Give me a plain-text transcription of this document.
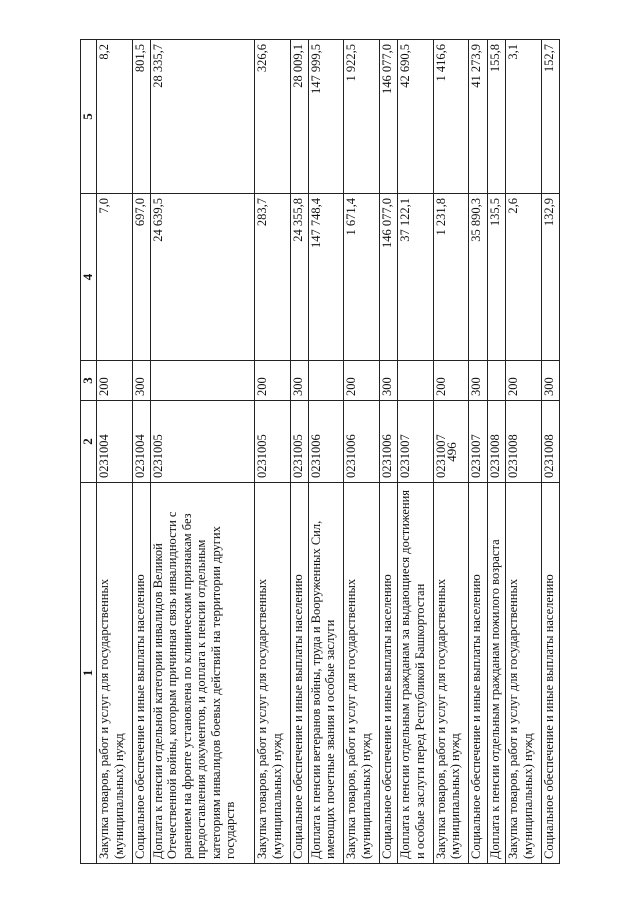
496
1	2	3	4	5
Закупка товаров, работ и услуг для государственных (муниципальных) нужд	0231004	200	7,0	8,2
Социальное обеспечение и иные выплаты населению	0231004	300	697,0	801,5
Доплата к пенсии отдельной категории инвалидов Великой Отечественной войны, которым причинная связь инвалидности с ранением на фронте установлена по клиническим признакам без предоставления документов, и доплата к пенсии отдельным категориям инвалидов боевых действий на территории других государств	0231005		24 639,5	28 335,7
Закупка товаров, работ и услуг для государственных (муниципальных) нужд	0231005	200	283,7	326,6
Социальное обеспечение и иные выплаты населению	0231005	300	24 355,8	28 009,1
Доплата к пенсии ветеранов войны, труда и Вооруженных Сил, имеющих почетные звания и особые заслуги	0231006		147 748,4	147 999,5
Закупка товаров, работ и услуг для государственных (муниципальных) нужд	0231006	200	1 671,4	1 922,5
Социальное обеспечение и иные выплаты населению	0231006	300	146 077,0	146 077,0
Доплата к пенсии отдельным гражданам за выдающиеся достижения и особые заслуги перед Республикой Башкортостан	0231007		37 122,1	42 690,5
Закупка товаров, работ и услуг для государственных (муниципальных) нужд	0231007	200	1 231,8	1 416,6
Социальное обеспечение и иные выплаты населению	0231007	300	35 890,3	41 273,9
Доплата к пенсии отдельным гражданам пожилого возраста	0231008		135,5	155,8
Закупка товаров, работ и услуг для государственных (муниципальных) нужд	0231008	200	2,6	3,1
Социальное обеспечение и иные выплаты населению	0231008	300	132,9	152,7
